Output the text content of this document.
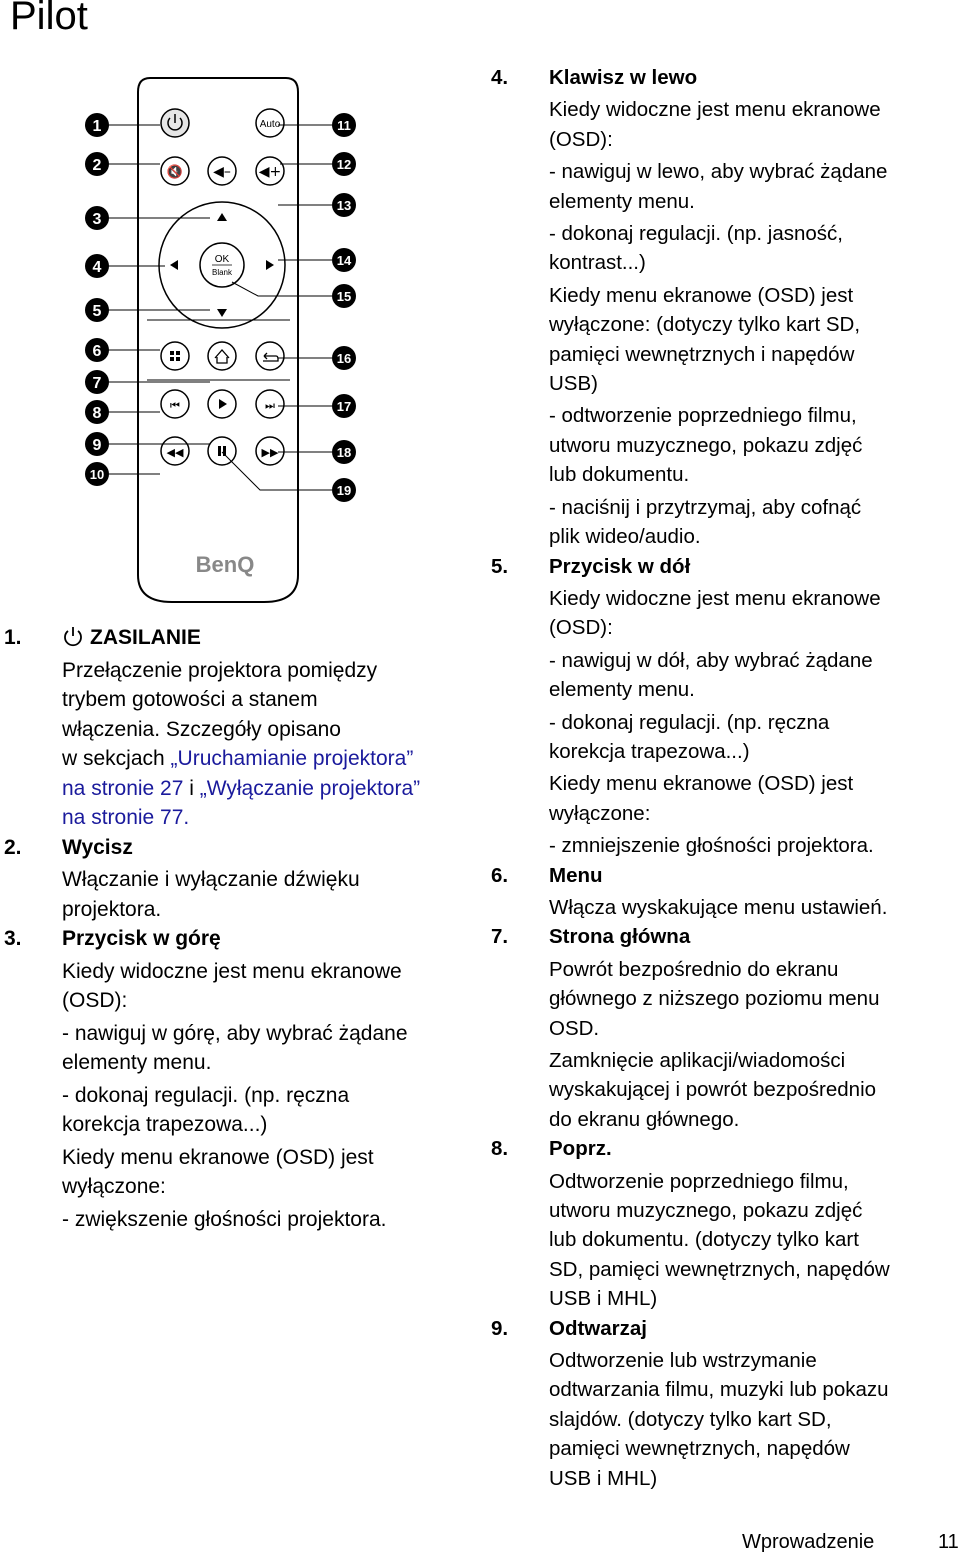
Pilot
Auto
🔇 ◀– ◀+
OK
Blank
⏮	⏭
◀◀	▶▶
BenQ
1
2
3
4
5
6
7
8
9
10
11
12
13
14
15
16
17
18
19
1.	ZASILANIE

Przełączenie projektora pomiędzy

trybem gotowości a stanem

włączenia. Szczegóły opisano

w sekcjach „Uruchamianie projektora”

na stronie 27 i „Wyłączanie projektora”

na stronie 77.

2.	Wycisz

Włączanie i wyłączanie dźwięku

projektora.

3.	Przycisk w górę

Kiedy widoczne jest menu ekranowe

(OSD):

- nawiguj w górę, aby wybrać żądane

elementy menu.

- dokonaj regulacji. (np. ręczna

korekcja trapezowa...)

Kiedy menu ekranowe (OSD) jest

wyłączone:

- zwiększenie głośności projektora.

4.	Klawisz w lewo

Kiedy widoczne jest menu ekranowe

(OSD):

- nawiguj w lewo, aby wybrać żądane

elementy menu.

- dokonaj regulacji. (np. jasność,

kontrast...)

Kiedy menu ekranowe (OSD) jest

wyłączone: (dotyczy tylko kart SD,

pamięci wewnętrznych i napędów

USB)

- odtworzenie poprzedniego filmu,

utworu muzycznego, pokazu zdjęć

lub dokumentu.

- naciśnij i przytrzymaj, aby cofnąć

plik wideo/audio.

5.	Przycisk w dół

Kiedy widoczne jest menu ekranowe

(OSD):

- nawiguj w dół, aby wybrać żądane

elementy menu.

- dokonaj regulacji. (np. ręczna

korekcja trapezowa...)

Kiedy menu ekranowe (OSD) jest

wyłączone:

- zmniejszenie głośności projektora.

6.	Menu

Włącza wyskakujące menu ustawień.

7.	Strona główna

Powrót bezpośrednio do ekranu

głównego z niższego poziomu menu

OSD.

Zamknięcie aplikacji/wiadomości

wyskakującej i powrót bezpośrednio

do ekranu głównego.

8.	Poprz.

Odtworzenie poprzedniego filmu,

utworu muzycznego, pokazu zdjęć

lub dokumentu. (dotyczy tylko kart

SD, pamięci wewnętrznych, napędów

USB i MHL)

9.	Odtwarzaj

Odtworzenie lub wstrzymanie

odtwarzania filmu, muzyki lub pokazu

slajdów. (dotyczy tylko kart SD,

pamięci wewnętrznych, napędów

USB i MHL)

Wprowadzenie	11
